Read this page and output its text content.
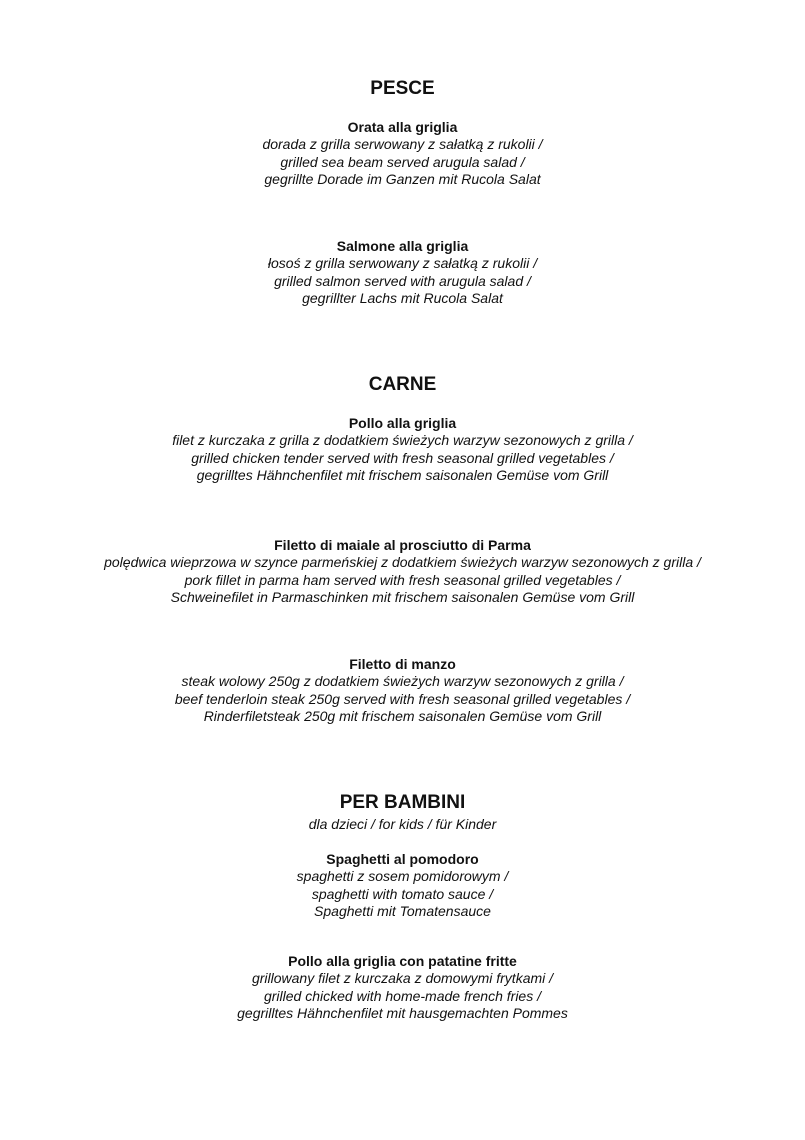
PESCE
Orata alla griglia
dorada z grilla serwowany z sałatką z rukolii /
grilled sea beam served arugula salad /
gegrillte Dorade im Ganzen mit Rucola Salat
Salmone alla griglia
łosoś z grilla serwowany z sałatką z rukolii /
grilled salmon served with arugula salad /
gegrillter Lachs mit Rucola Salat
CARNE
Pollo alla griglia
filet z kurczaka z grilla z dodatkiem świeżych warzyw sezonowych z grilla /
grilled chicken tender served with fresh seasonal grilled vegetables /
gegrilltes Hähnchenfilet mit frischem saisonalen Gemüse vom Grill
Filetto di maiale al prosciutto di Parma
polędwica wieprzowa w szynce parmeńskiej z dodatkiem świeżych warzyw sezonowych z grilla /
pork fillet in parma ham served with fresh seasonal grilled vegetables /
Schweinefilet in Parmaschinken mit frischem saisonalen Gemüse vom Grill
Filetto di manzo
steak wolowy 250g z dodatkiem świeżych warzyw sezonowych z grilla /
beef tenderloin steak 250g served with fresh seasonal grilled vegetables /
Rinderfiletsteak 250g mit frischem saisonalen Gemüse vom Grill
PER BAMBINI
dla dzieci / for kids / für Kinder
Spaghetti al pomodoro
spaghetti z sosem pomidorowym /
spaghetti with tomato sauce /
Spaghetti mit Tomatensauce
Pollo alla griglia con patatine fritte
grillowany filet z kurczaka z domowymi frytkami /
grilled chicked with home-made french fries /
gegrilltes Hähnchenfilet mit hausgemachten Pommes
